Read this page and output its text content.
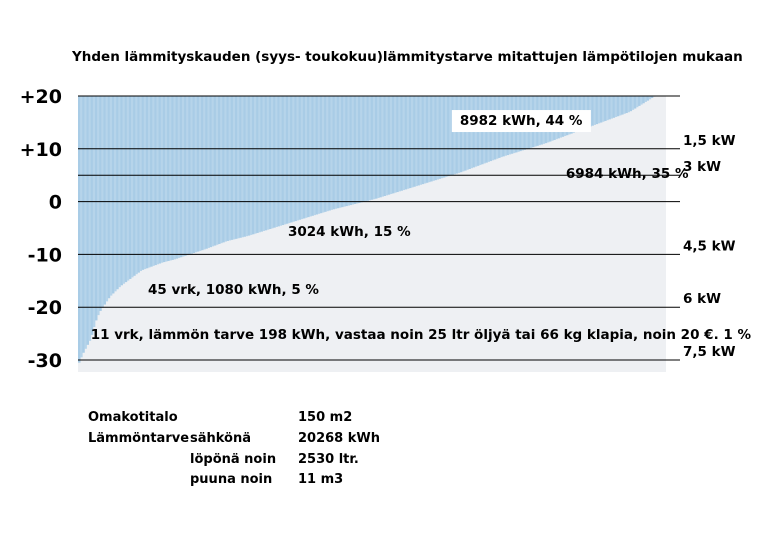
Yhden lämmityskauden (syys- toukokuu)lämmitystarve mitattujen lämpötilojen mukaan
+20
+10
0
-10
-20
-30
1,5 kW
3 kW
4,5 kW
6 kW
7,5 kW
8982 kWh, 44 %
6984 kWh, 35 %
3024 kWh, 15 %
45 vrk, 1080 kWh, 5 %
11 vrk, lämmön tarve 198 kWh, vastaa noin 25 ltr öljyä tai 66 kg klapia, noin 20 €. 1 %
Omakotitalo	150 m2
Lämmöntarve sähkönä	20268 kWh
löpönä noin 2530 ltr.
puuna noin 11 m3
